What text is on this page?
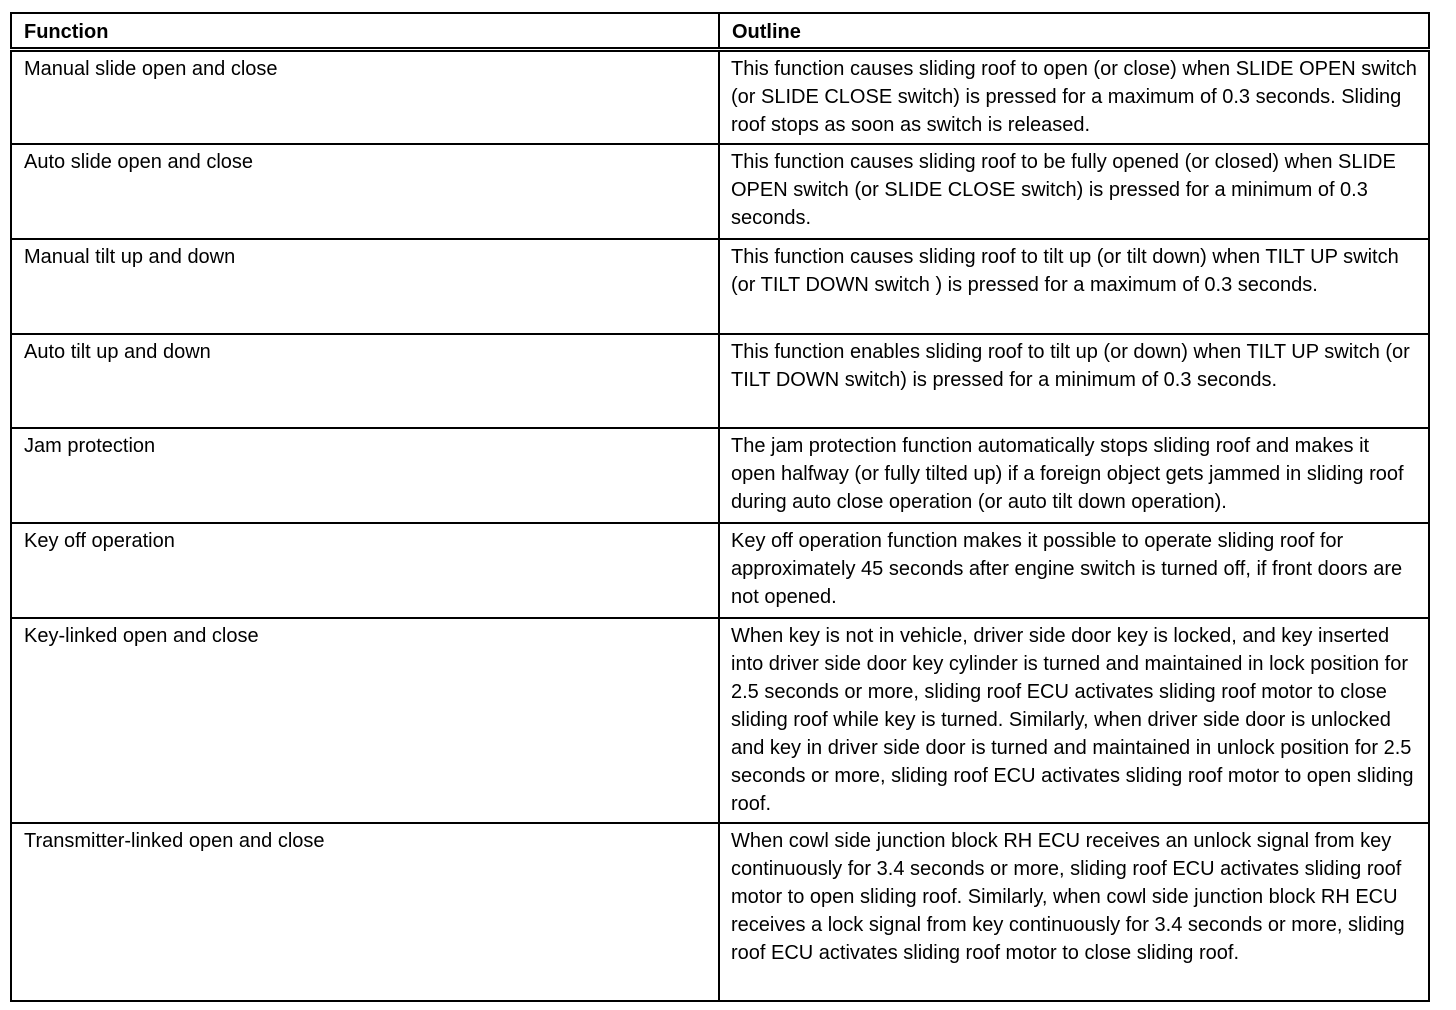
Function	Outline
Manual slide open and close	This function causes sliding roof to open (or close) when SLIDE OPEN switch (or SLIDE CLOSE switch) is pressed for a maximum of 0.3 seconds. Sliding roof stops as soon as switch is released.
Auto slide open and close	This function causes sliding roof to be fully opened (or closed) when SLIDE OPEN switch (or SLIDE CLOSE switch) is pressed for a minimum of 0.3 seconds.
Manual tilt up and down	This function causes sliding roof to tilt up (or tilt down) when TILT UP switch (or TILT DOWN switch ) is pressed for a maximum of 0.3 seconds.
Auto tilt up and down	This function enables sliding roof to tilt up (or down) when TILT UP switch (or TILT DOWN switch) is pressed for a minimum of 0.3 seconds.
Jam protection	The jam protection function automatically stops sliding roof and makes it open halfway (or fully tilted up) if a foreign object gets jammed in sliding roof during auto close operation (or auto tilt down operation).
Key off operation	Key off operation function makes it possible to operate sliding roof for approximately 45 seconds after engine switch is turned off, if front doors are not opened.
Key-linked open and close	When key is not in vehicle, driver side door key is locked, and key inserted into driver side door key cylinder is turned and maintained in lock position for 2.5 seconds or more, sliding roof ECU activates sliding roof motor to close sliding roof while key is turned. Similarly, when driver side door is unlocked and key in driver side door is turned and maintained in unlock position for 2.5 seconds or more, sliding roof ECU activates sliding roof motor to open sliding roof.
Transmitter-linked open and close	When cowl side junction block RH ECU receives an unlock signal from key continuously for 3.4 seconds or more, sliding roof ECU activates sliding roof motor to open sliding roof. Similarly, when cowl side junction block RH ECU receives a lock signal from key continuously for 3.4 seconds or more, sliding roof ECU activates sliding roof motor to close sliding roof.
